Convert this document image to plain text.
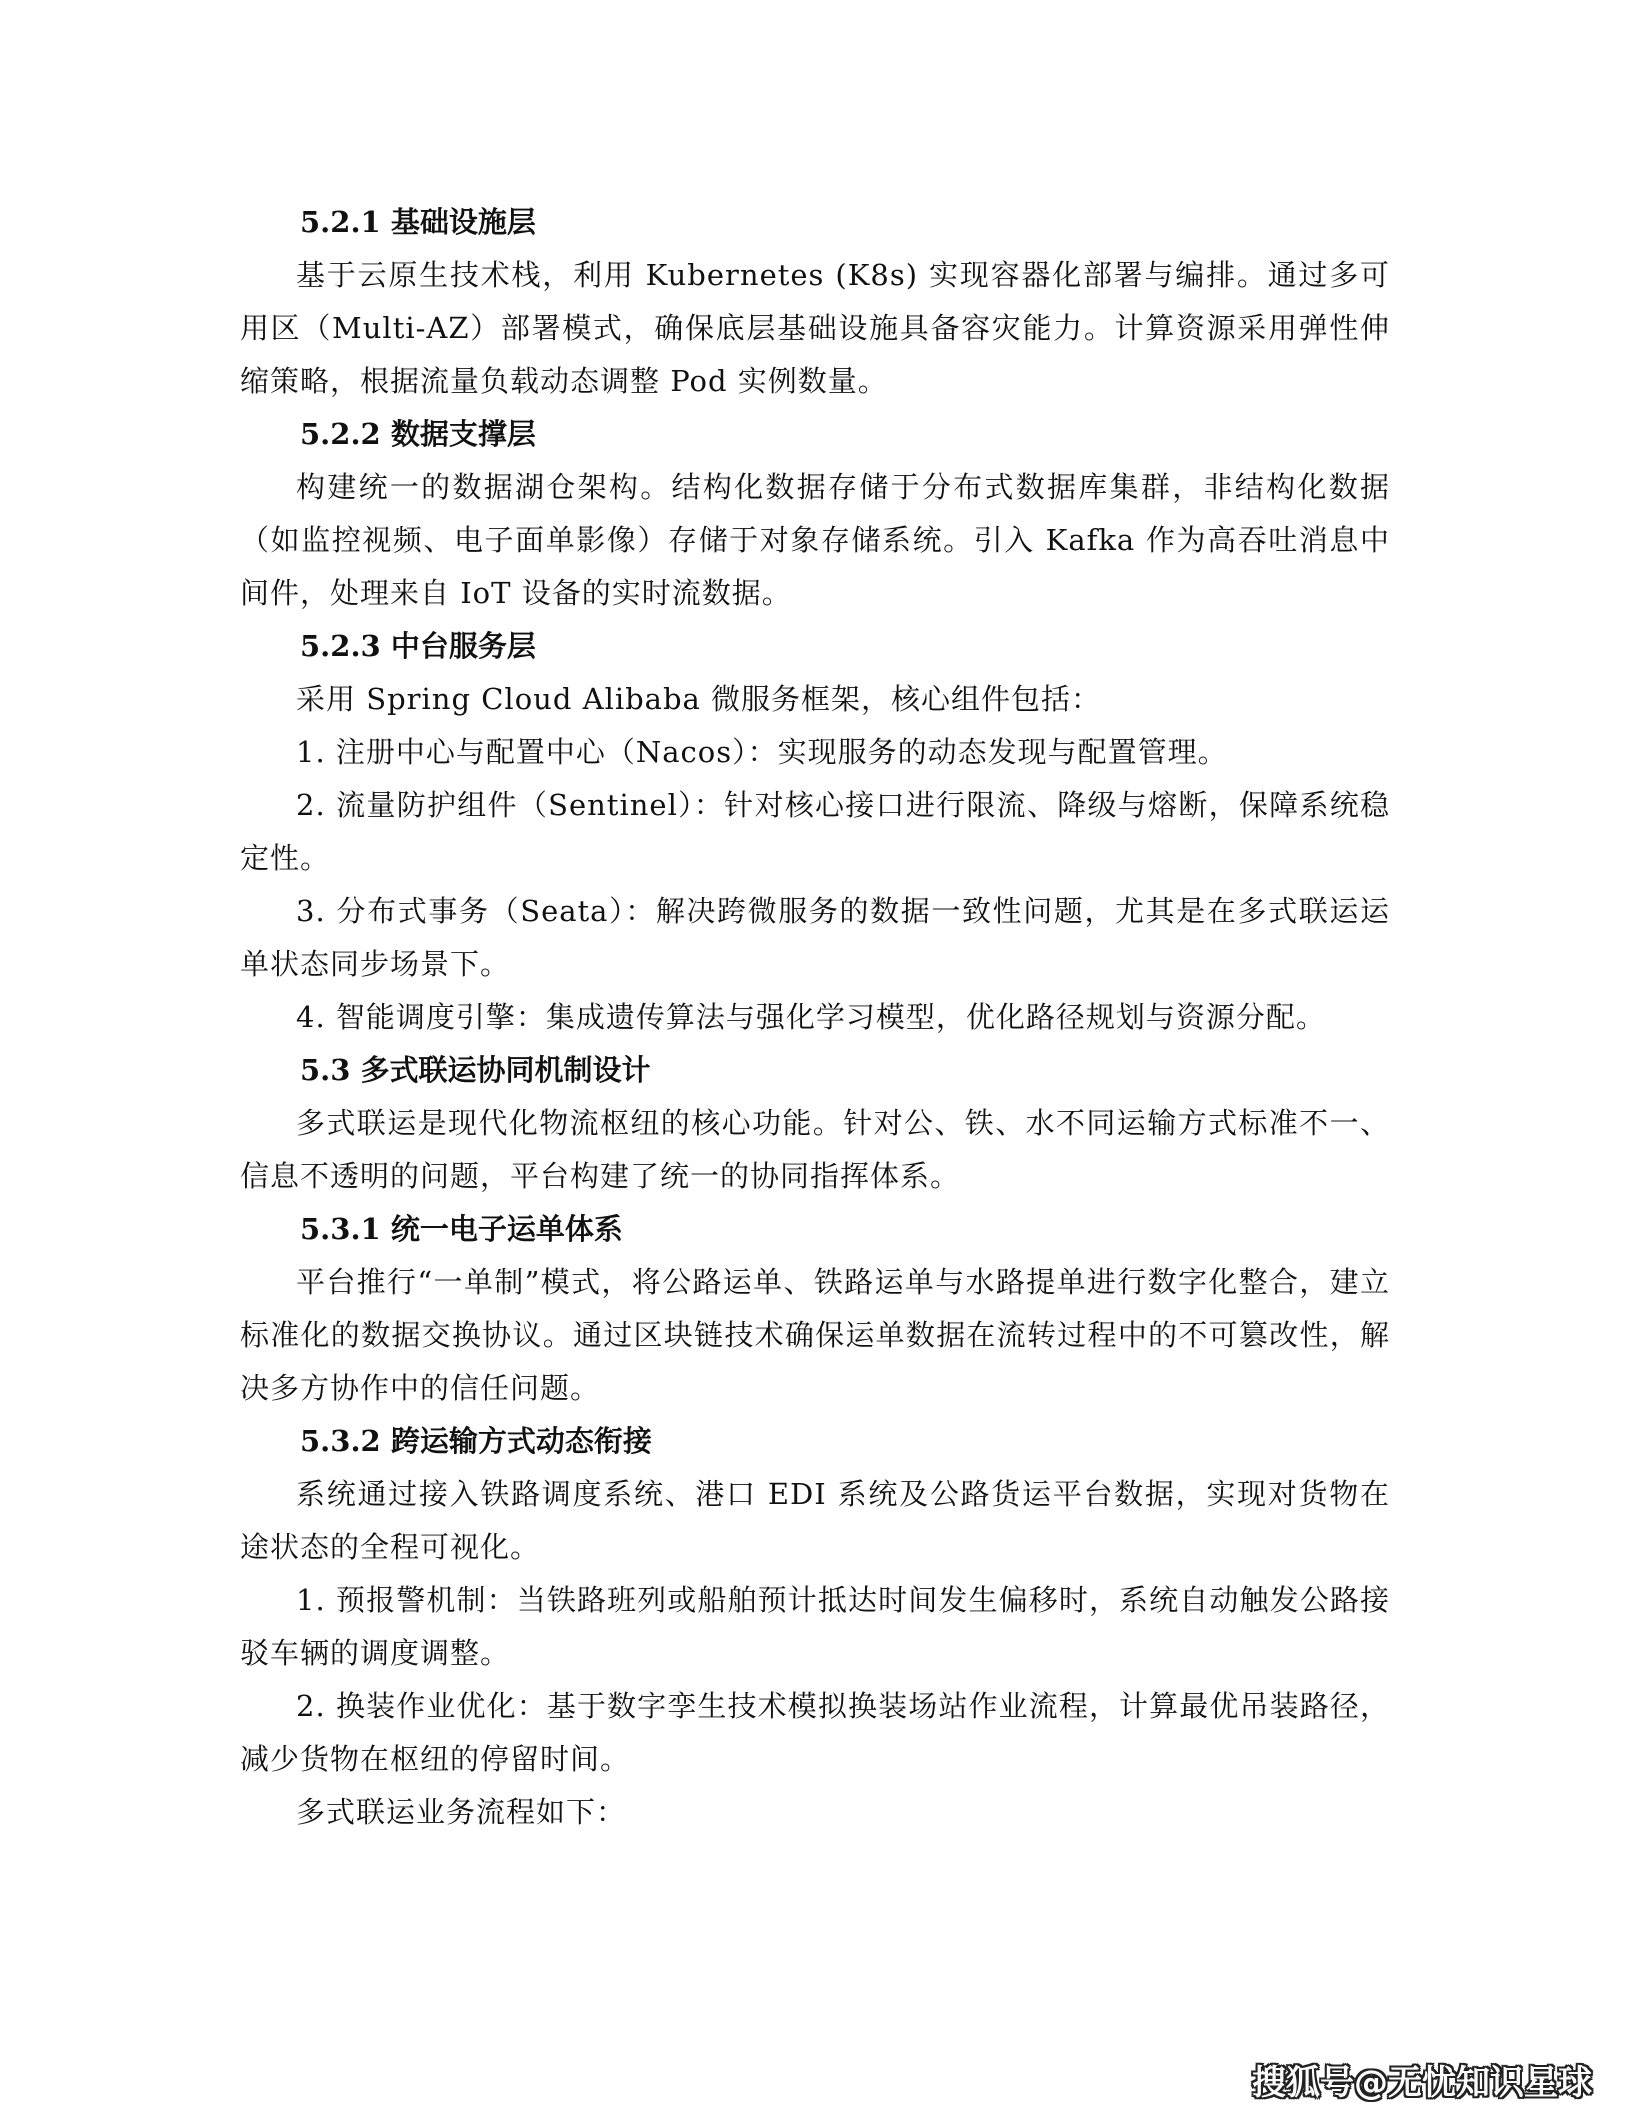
5.2.1 基础设施层

基于云原生技术栈，利用 Kubernetes (K8s) 实现容器化部署与编排。通过多可用区（Multi-AZ）部署模式，确保底层基础设施具备容灾能力。计算资源采用弹性伸缩策略，根据流量负载动态调整 Pod 实例数量。

5.2.2 数据支撑层

构建统一的数据湖仓架构。结构化数据存储于分布式数据库集群，非结构化数据（如监控视频、电子面单影像）存储于对象存储系统。引入 Kafka 作为高吞吐消息中间件，处理来自 IoT 设备的实时流数据。

5.2.3 中台服务层

采用 Spring Cloud Alibaba 微服务框架，核心组件包括：

1. 注册中心与配置中心（Nacos）：实现服务的动态发现与配置管理。

2. 流量防护组件（Sentinel）：针对核心接口进行限流、降级与熔断，保障系统稳定性。

3. 分布式事务（Seata）：解决跨微服务的数据一致性问题，尤其是在多式联运运单状态同步场景下。

4. 智能调度引擎：集成遗传算法与强化学习模型，优化路径规划与资源分配。

5.3 多式联运协同机制设计

多式联运是现代化物流枢纽的核心功能。针对公、铁、水不同运输方式标准不一、信息不透明的问题，平台构建了统一的协同指挥体系。

5.3.1 统一电子运单体系

平台推行“一单制”模式，将公路运单、铁路运单与水路提单进行数字化整合，建立标准化的数据交换协议。通过区块链技术确保运单数据在流转过程中的不可篡改性，解决多方协作中的信任问题。

5.3.2 跨运输方式动态衔接

系统通过接入铁路调度系统、港口 EDI 系统及公路货运平台数据，实现对货物在途状态的全程可视化。

1. 预报警机制：当铁路班列或船舶预计抵达时间发生偏移时，系统自动触发公路接驳车辆的调度调整。

2. 换装作业优化：基于数字孪生技术模拟换装场站作业流程，计算最优吊装路径，减少货物在枢纽的停留时间。

多式联运业务流程如下：

搜狐号@无忧知识星球
